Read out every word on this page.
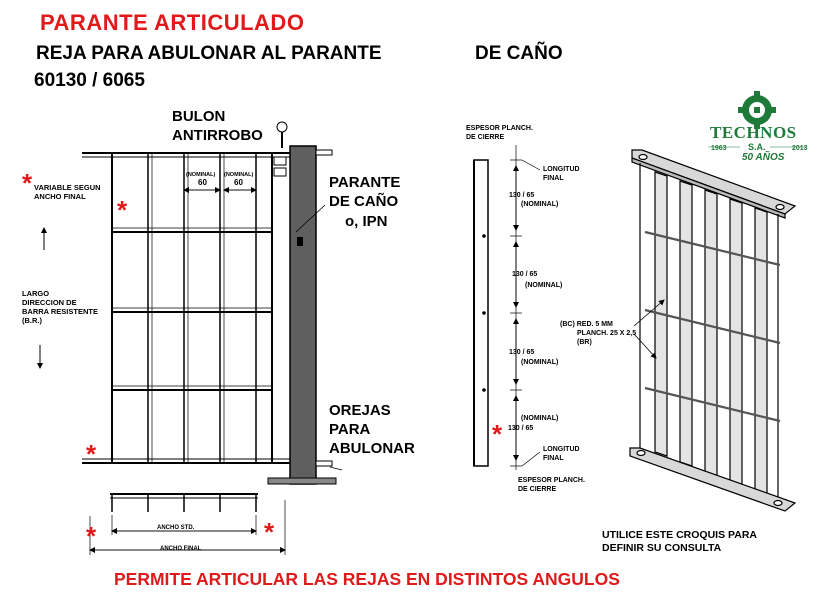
PARANTE ARTICULADO
REJA PARA ABULONAR AL PARANTE	DE CAÑO
60130 / 6065
BULON
ANTIRROBO
(NOMINAL)
60
(NOMINAL)
60
* VARIABLE SEGUN
ANCHO FINAL *
LARGO
DIRECCION DE
BARRA RESISTENTE
(B.R.)
*
PARANTE
DE CAÑO
o, IPN
OREJAS
PARA
ABULONAR
*	*
ANCHO STD.
ANCHO FINAL
ESPESOR PLANCH.
DE CIERRE
LONGITUD
FINAL
130 / 65
(NOMINAL)
130 / 65
(NOMINAL)
130 / 65
(NOMINAL)
(NOMINAL)
* 130 / 65
LONGITUD
FINAL
ESPESOR PLANCH.
DE CIERRE
(BC) RED. 5 MM
PLANCH. 25 X 2,5
(BR)
TECHNOS
1963 S.A.	2013
50 AÑOS
UTILICE ESTE CROQUIS PARA
DEFINIR SU CONSULTA
PERMITE ARTICULAR LAS REJAS EN DISTINTOS ANGULOS
